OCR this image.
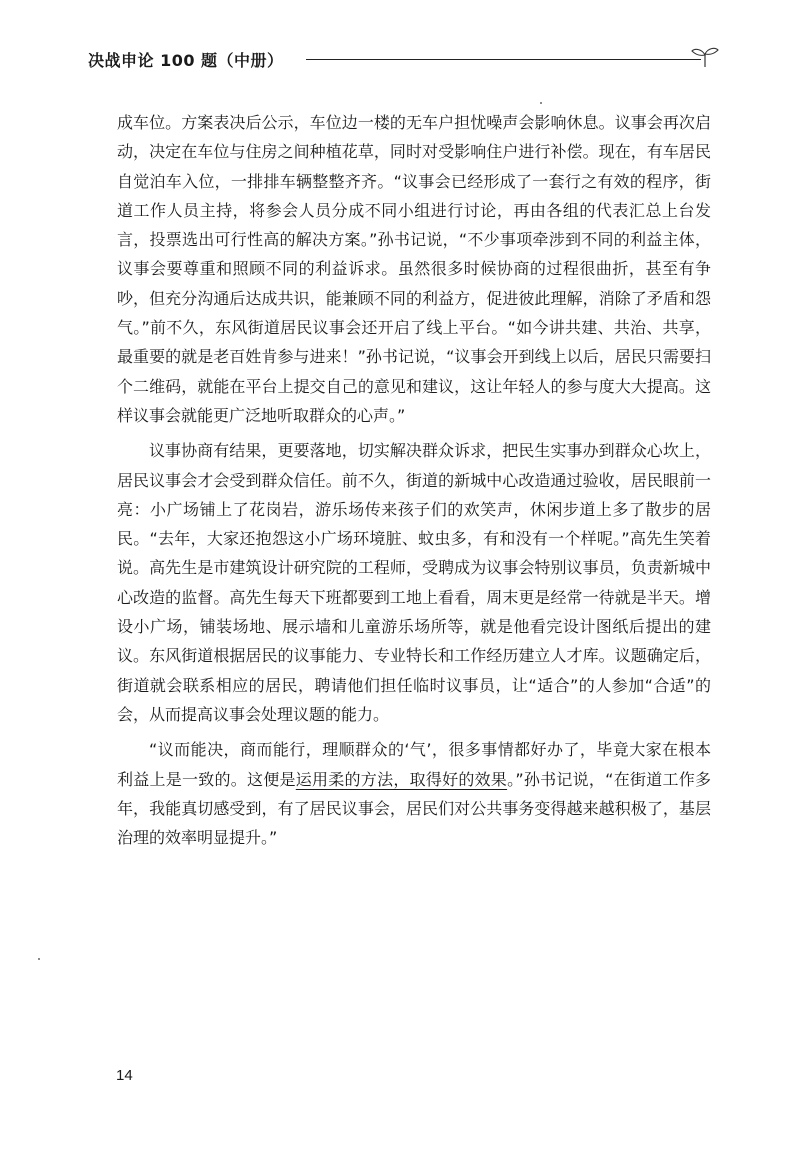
决战申论 100 题（中册）

成车位。方案表决后公示，车位边一楼的无车户担忧噪声会影响休息。议事会再次启动，决定在车位与住房之间种植花草，同时对受影响住户进行补偿。现在，有车居民自觉泊车入位，一排排车辆整整齐齐。“议事会已经形成了一套行之有效的程序，街道工作人员主持，将参会人员分成不同小组进行讨论，再由各组的代表汇总上台发言，投票选出可行性高的解决方案。”孙书记说，“不少事项牵涉到不同的利益主体，议事会要尊重和照顾不同的利益诉求。虽然很多时候协商的过程很曲折，甚至有争吵，但充分沟通后达成共识，能兼顾不同的利益方，促进彼此理解，消除了矛盾和怨气。”前不久，东风街道居民议事会还开启了线上平台。“如今讲共建、共治、共享，最重要的就是老百姓肯参与进来！”孙书记说，“议事会开到线上以后，居民只需要扫个二维码，就能在平台上提交自己的意见和建议，这让年轻人的参与度大大提高。这样议事会就能更广泛地听取群众的心声。”

议事协商有结果，更要落地，切实解决群众诉求，把民生实事办到群众心坎上，居民议事会才会受到群众信任。前不久，街道的新城中心改造通过验收，居民眼前一亮：小广场铺上了花岗岩，游乐场传来孩子们的欢笑声，休闲步道上多了散步的居民。“去年，大家还抱怨这小广场环境脏、蚊虫多，有和没有一个样呢。”高先生笑着说。高先生是市建筑设计研究院的工程师，受聘成为议事会特别议事员，负责新城中心改造的监督。高先生每天下班都要到工地上看看，周末更是经常一待就是半天。增设小广场，铺装场地、展示墙和儿童游乐场所等，就是他看完设计图纸后提出的建议。东风街道根据居民的议事能力、专业特长和工作经历建立人才库。议题确定后，街道就会联系相应的居民，聘请他们担任临时议事员，让“适合”的人参加“合适”的会，从而提高议事会处理议题的能力。

“议而能决，商而能行，理顺群众的‘气’，很多事情都好办了，毕竟大家在根本利益上是一致的。这便是运用柔的方法，取得好的效果。”孙书记说，“在街道工作多年，我能真切感受到，有了居民议事会，居民们对公共事务变得越来越积极了，基层治理的效率明显提升。”

14
